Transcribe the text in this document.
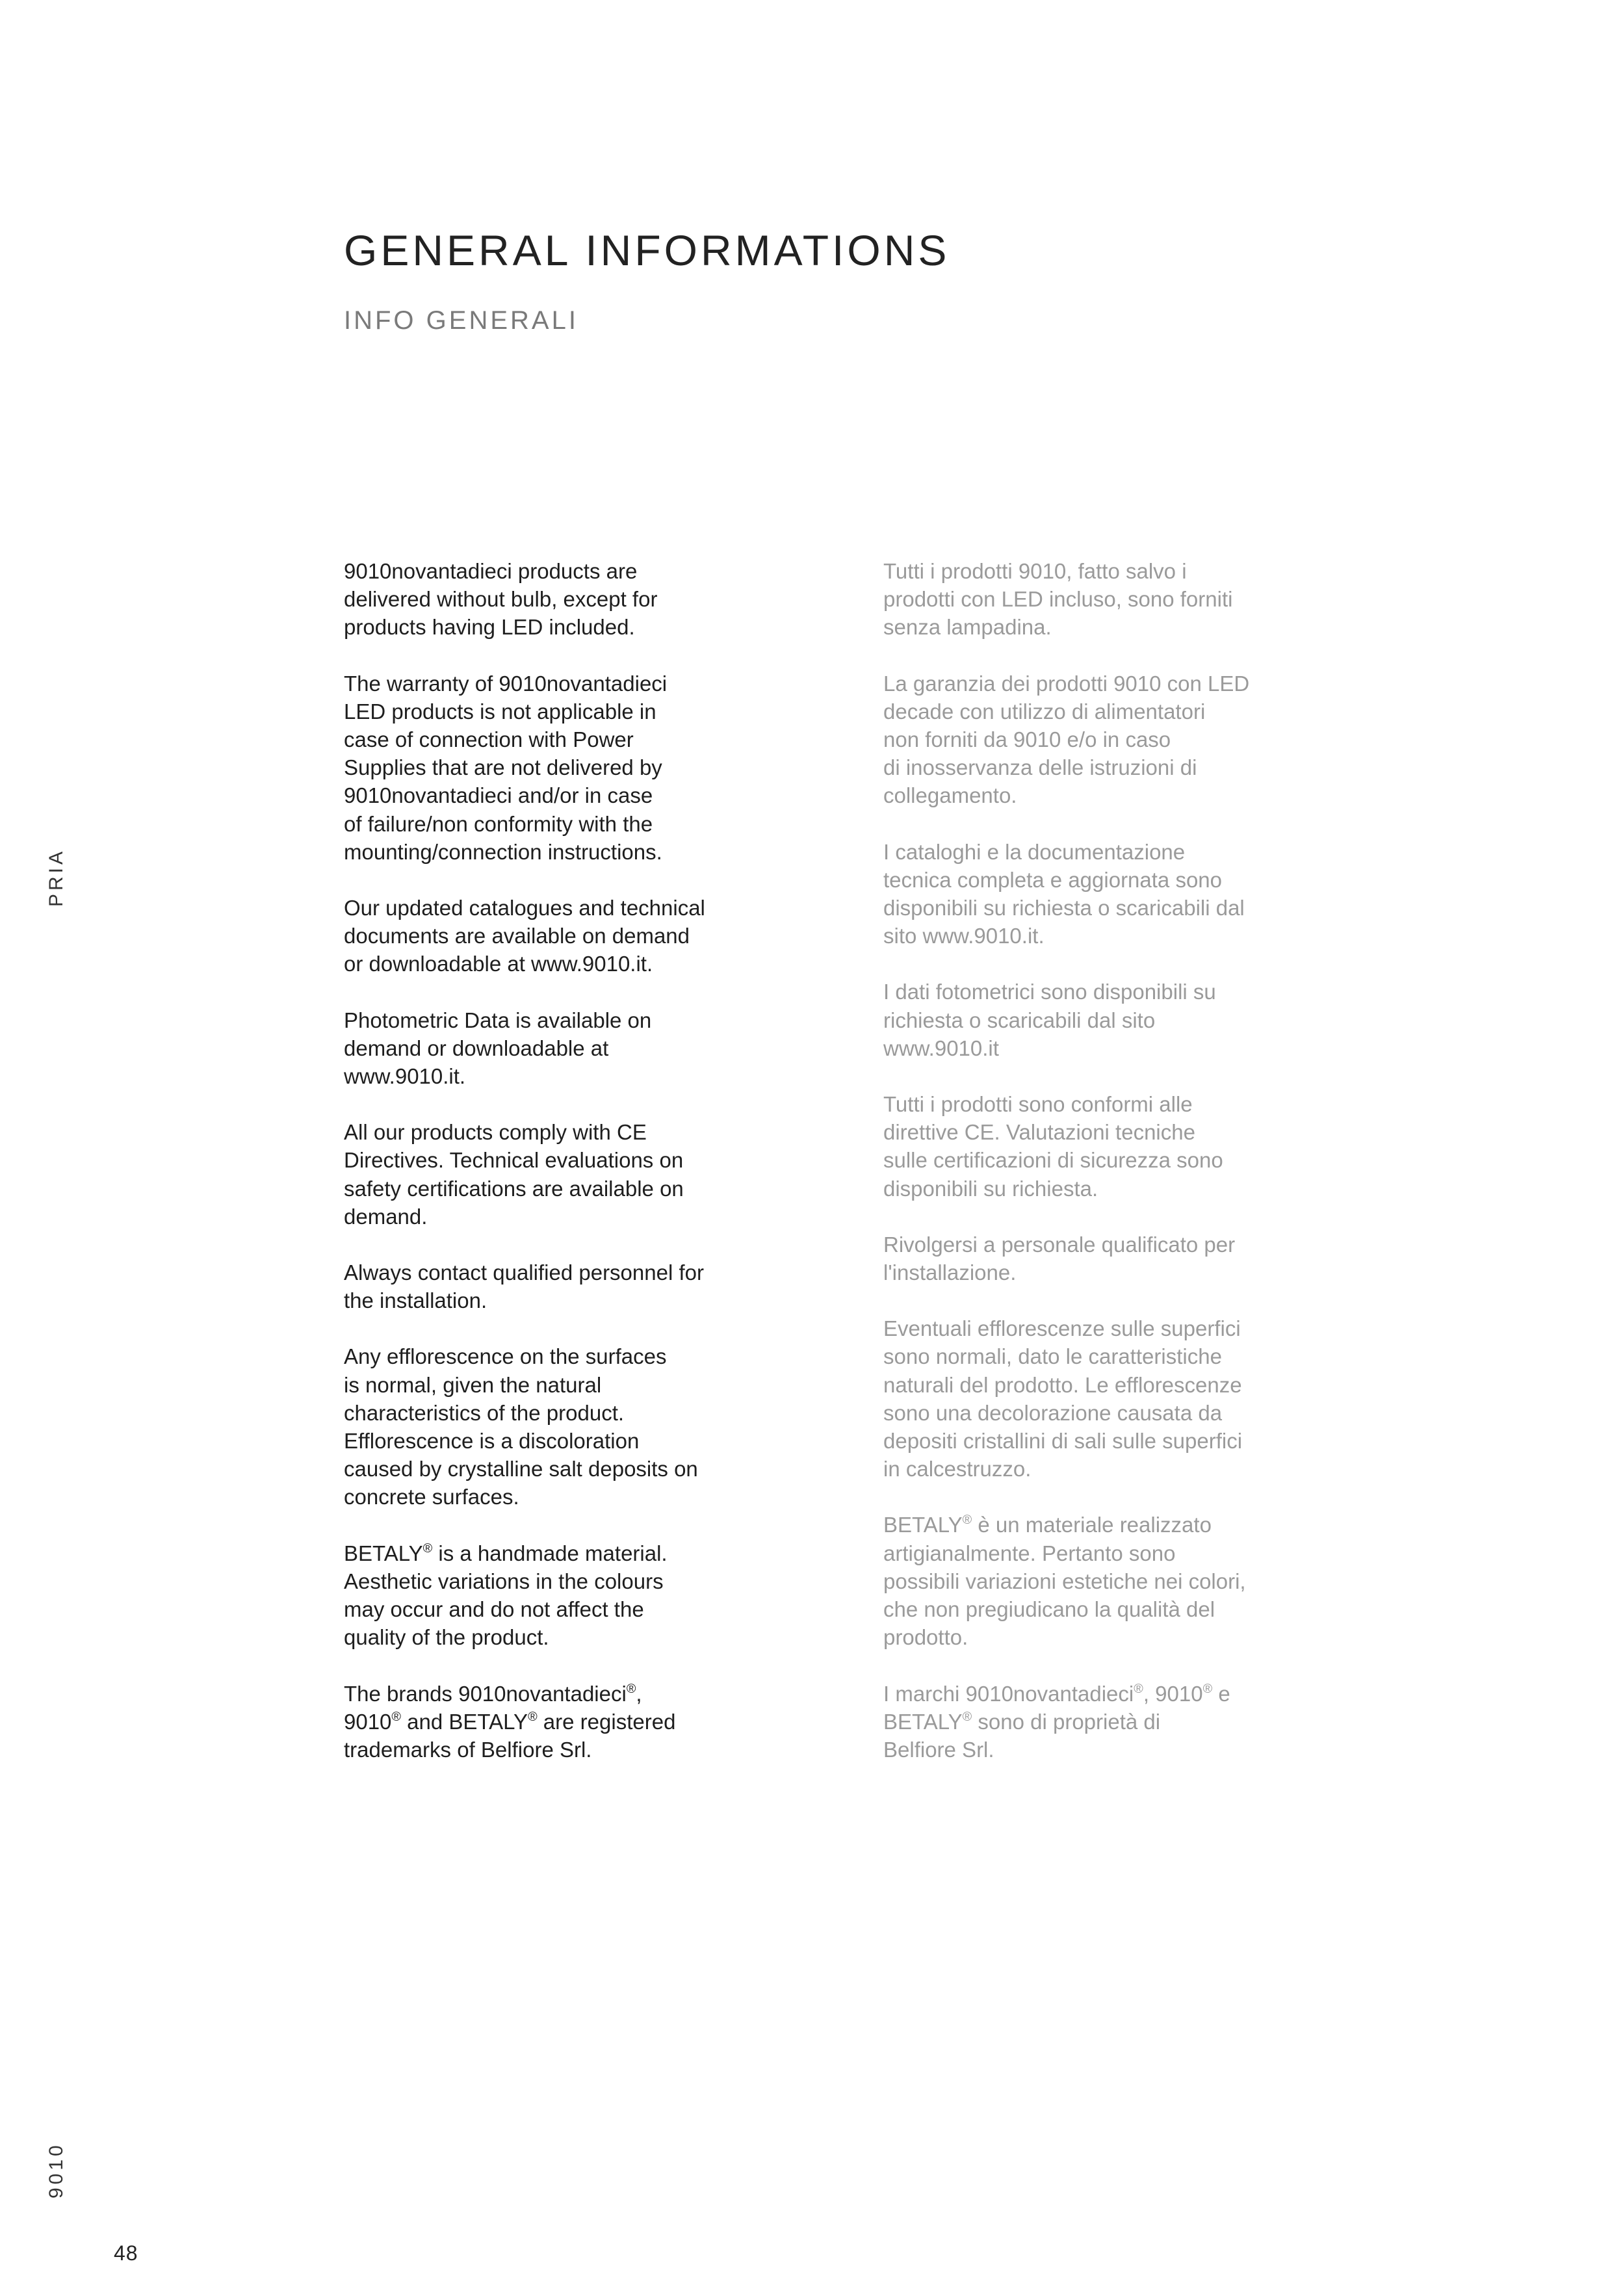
GENERAL INFORMATIONS
INFO GENERALI
PRIA
9010
48

9010novantadieci products are
delivered without bulb, except for
products having LED included.

The warranty of 9010novantadieci
LED products is not applicable in
case of connection with Power
Supplies that are not delivered by
9010novantadieci and/or in case
of failure/non conformity with the
mounting/connection instructions.

Our updated catalogues and technical
documents are available on demand
or downloadable at www.9010.it.

Photometric Data is available on
demand or downloadable at
www.9010.it.

All our products comply with CE
Directives. Technical evaluations on
safety certifications are available on
demand.

Always contact qualified personnel for
the installation.

Any efflorescence on the surfaces
is normal, given the natural
characteristics of the product.
Efflorescence is a discoloration
caused by crystalline salt deposits on
concrete surfaces.

BETALY® is a handmade material.
Aesthetic variations in the colours
may occur and do not affect the
quality of the product.

The brands 9010novantadieci®,
9010® and BETALY® are registered
trademarks of Belfiore Srl.

Tutti i prodotti 9010, fatto salvo i
prodotti con LED incluso, sono forniti
senza lampadina.

La garanzia dei prodotti 9010 con LED
decade con utilizzo di alimentatori
non forniti da 9010 e/o in caso
di inosservanza delle istruzioni di
collegamento.

I cataloghi e la documentazione
tecnica completa e aggiornata sono
disponibili su richiesta o scaricabili dal
sito www.9010.it.

I dati fotometrici sono disponibili su
richiesta o scaricabili dal sito
www.9010.it

Tutti i prodotti sono conformi alle
direttive CE. Valutazioni tecniche
sulle certificazioni di sicurezza sono
disponibili su richiesta.

Rivolgersi a personale qualificato per
l'installazione.

Eventuali efflorescenze sulle superfici
sono normali, dato le caratteristiche
naturali del prodotto. Le efflorescenze
sono una decolorazione causata da
depositi cristallini di sali sulle superfici
in calcestruzzo.

BETALY® è un materiale realizzato
artigianalmente. Pertanto sono
possibili variazioni estetiche nei colori,
che non pregiudicano la qualità del
prodotto.

I marchi 9010novantadieci®, 9010® e
BETALY® sono di proprietà di
Belfiore Srl.
